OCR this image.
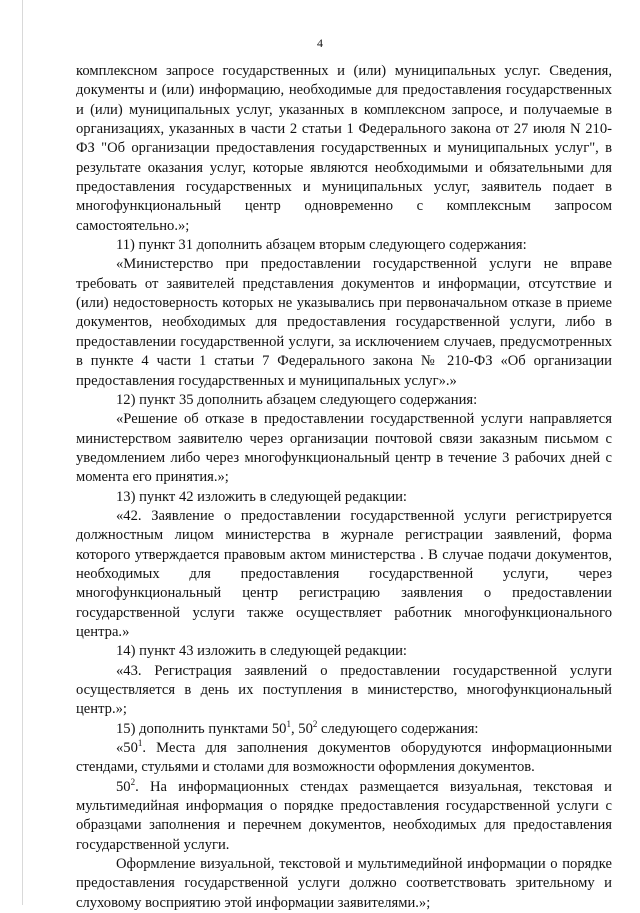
4

комплексном запросе государственных и (или) муниципальных услуг. Сведения, документы и (или) информацию, необходимые для предоставления государственных и (или) муниципальных услуг, указанных в комплексном запросе, и получаемые в организациях, указанных в части 2 статьи 1 Федерального закона от 27 июля N 210-ФЗ "Об организации предоставления государственных и муниципальных услуг", в результате оказания услуг, которые являются необходимыми и обязательными для предоставления государственных и муниципальных услуг, заявитель подает в многофункциональный центр одновременно с комплексным запросом самостоятельно.»;

11) пункт 31 дополнить абзацем вторым следующего содержания:

«Министерство при предоставлении государственной услуги не вправе требовать от заявителей представления документов и информации, отсутствие и (или) недостоверность которых не указывались при первоначальном отказе в приеме документов, необходимых для предоставления государственной услуги, либо в предоставлении государственной услуги, за исключением случаев, предусмотренных в пункте 4 части 1 статьи 7 Федерального закона № 210-ФЗ «Об организации предоставления государственных и муниципальных услуг».»

12) пункт 35 дополнить абзацем следующего содержания:

«Решение об отказе в предоставлении государственной услуги направляется министерством заявителю через организации почтовой связи заказным письмом с уведомлением либо через многофункциональный центр в течение 3 рабочих дней с момента его принятия.»;

13) пункт 42 изложить в следующей редакции:

«42. Заявление о предоставлении государственной услуги регистрируется должностным лицом министерства в журнале регистрации заявлений, форма которого утверждается правовым актом министерства . В случае подачи документов, необходимых для предоставления государственной услуги, через многофункциональный центр регистрацию заявления о предоставлении государственной услуги также осуществляет работник многофункционального центра.»

14) пункт 43 изложить в следующей редакции:

«43. Регистрация заявлений о предоставлении государственной услуги осуществляется в день их поступления в министерство, многофункциональный центр.»;

15) дополнить пунктами $50^1$, $50^2$ следующего содержания:

«$50^1$. Места для заполнения документов оборудуются информационными стендами, стульями и столами для возможности оформления документов.

$50^2$. На информационных стендах размещается визуальная, текстовая и мультимедийная информация о порядке предоставления государственной услуги с образцами заполнения и перечнем документов, необходимых для предоставления государственной услуги.

Оформление визуальной, текстовой и мультимедийной информации о порядке предоставления государственной услуги должно соответствовать зрительному и слуховому восприятию этой информации заявителями.»;
